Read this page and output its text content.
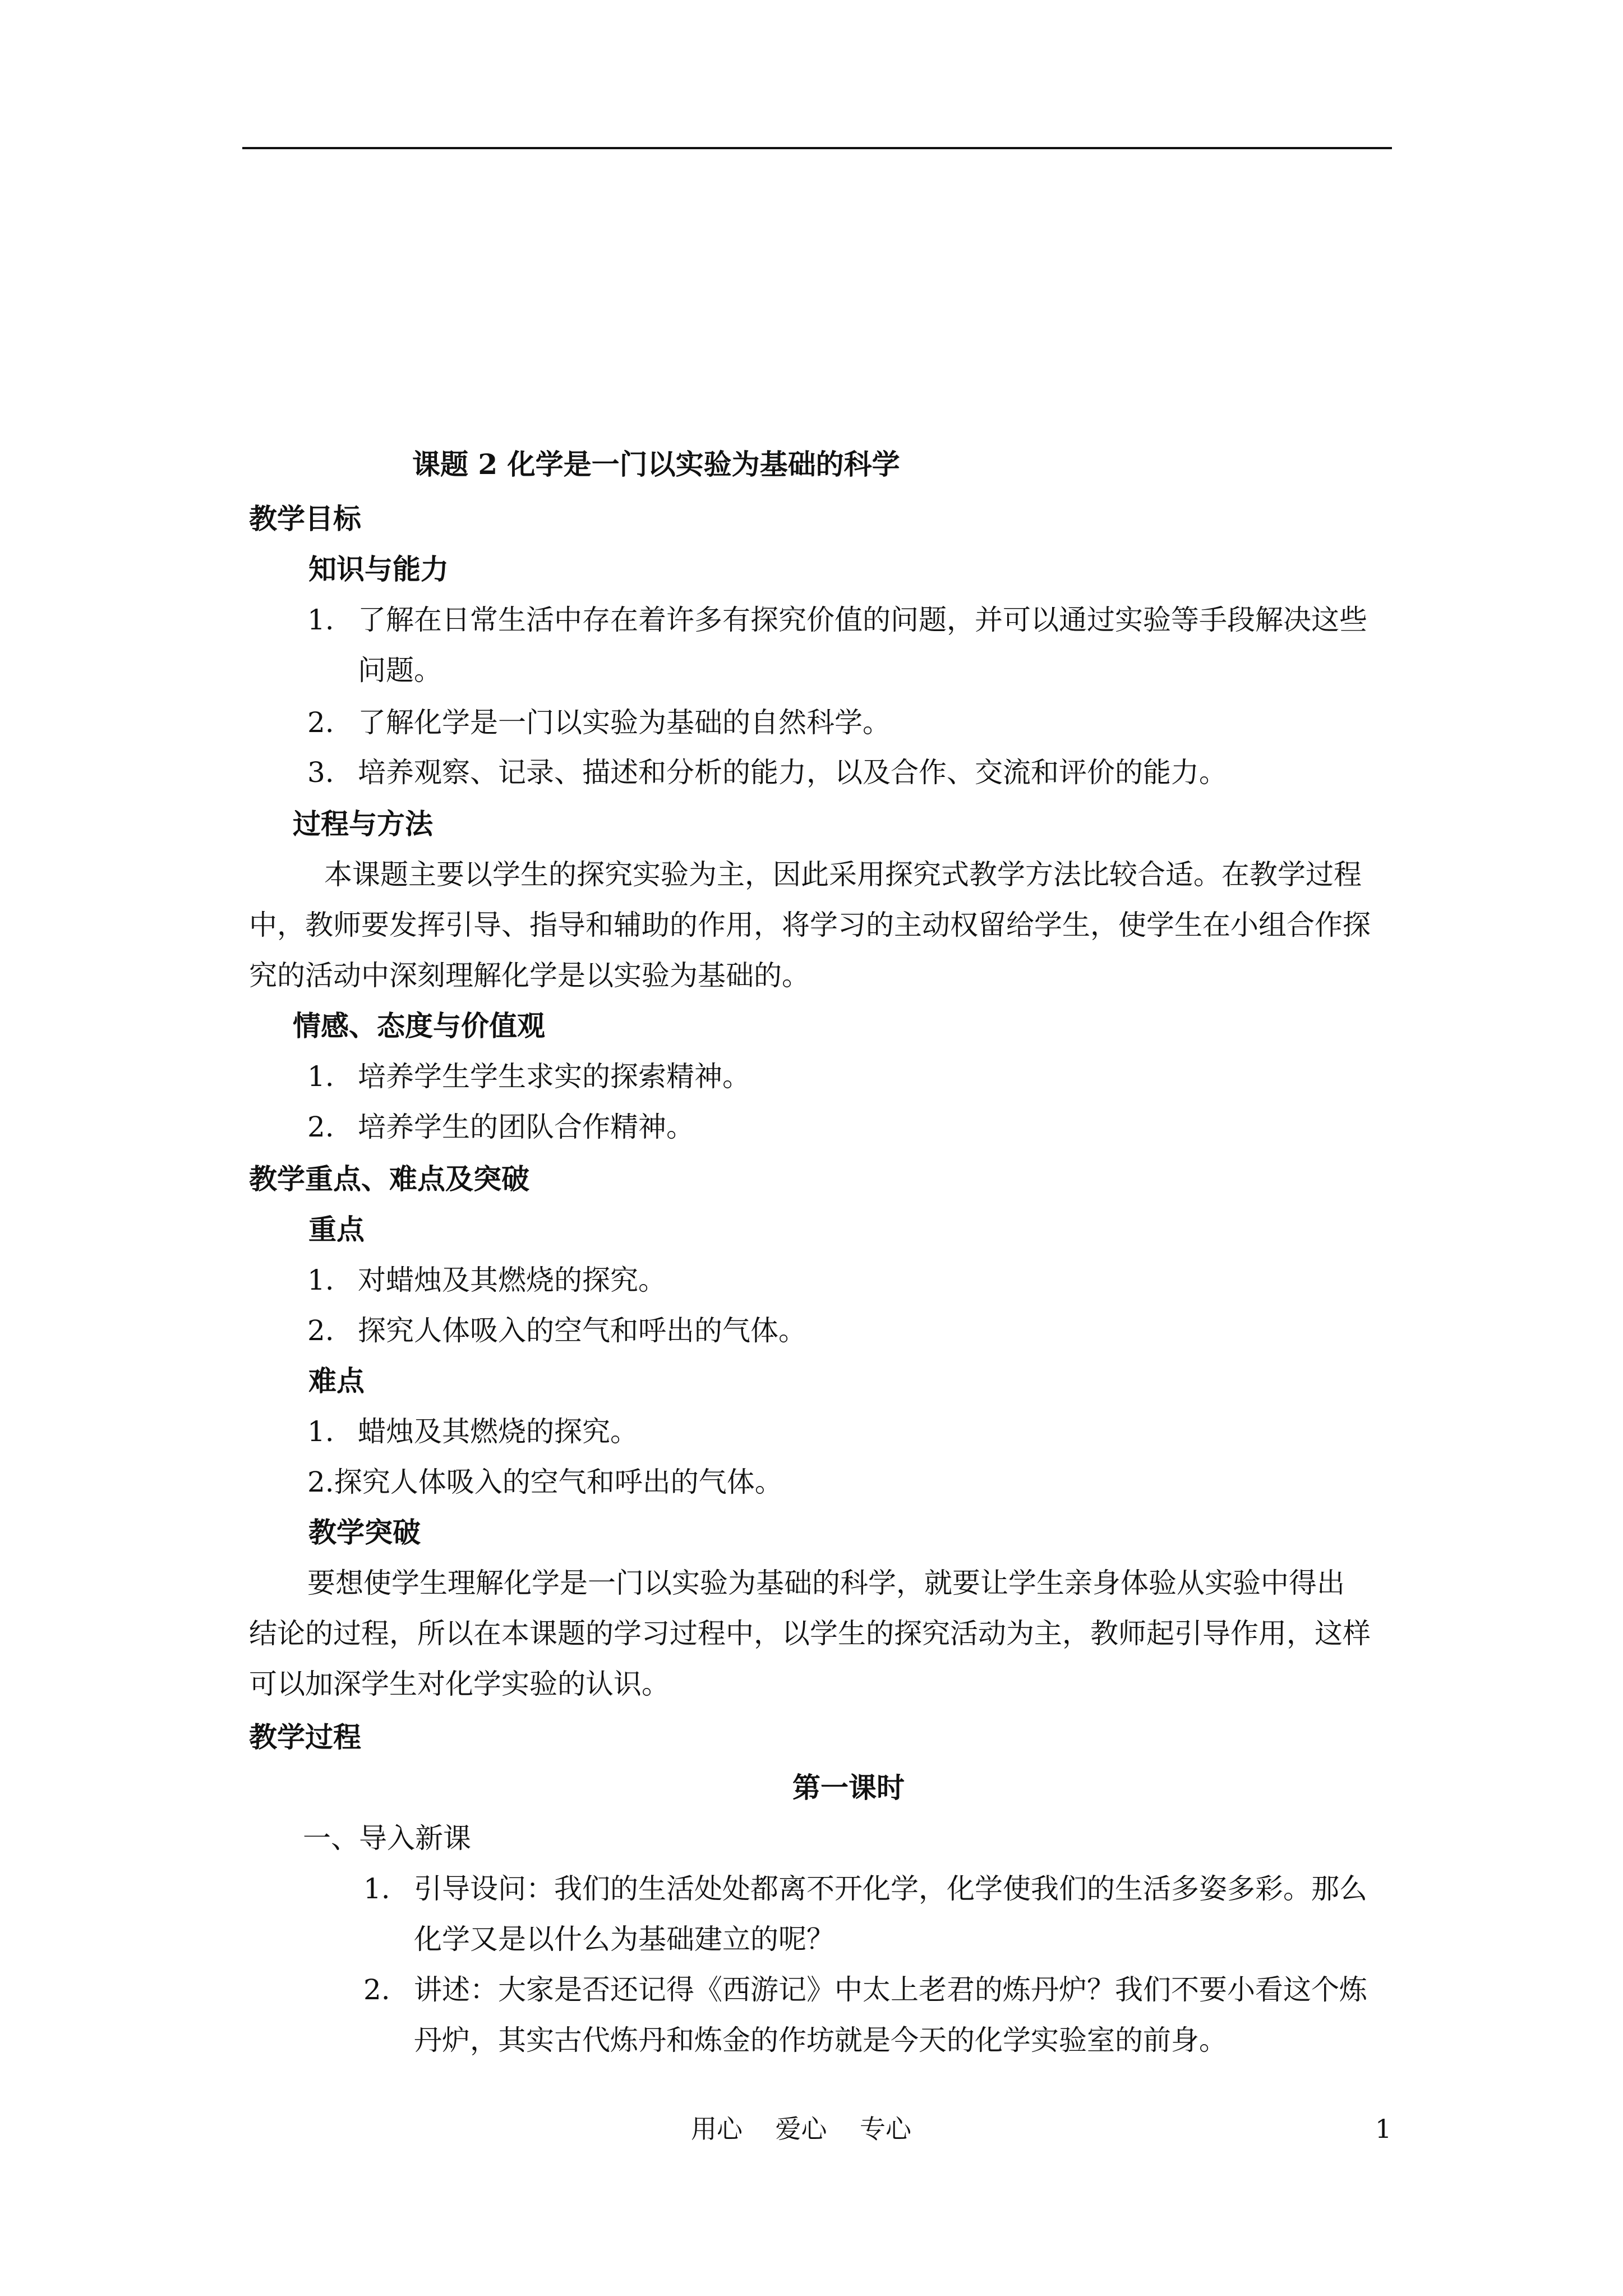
课题 2 化学是一门以实验为基础的科学
教学目标
知识与能力
1. 了解在日常生活中存在着许多有探究价值的问题，并可以通过实验等手段解决这些
问题。
2. 了解化学是一门以实验为基础的自然科学。
3. 培养观察、记录、描述和分析的能力，以及合作、交流和评价的能力。
过程与方法
本课题主要以学生的探究实验为主，因此采用探究式教学方法比较合适。在教学过程
中，教师要发挥引导、指导和辅助的作用，将学习的主动权留给学生，使学生在小组合作探
究的活动中深刻理解化学是以实验为基础的。
情感、态度与价值观
1. 培养学生学生求实的探索精神。
2. 培养学生的团队合作精神。
教学重点、难点及突破
重点
1. 对蜡烛及其燃烧的探究。
2. 探究人体吸入的空气和呼出的气体。
难点
1. 蜡烛及其燃烧的探究。
2.探究人体吸入的空气和呼出的气体。
教学突破
要想使学生理解化学是一门以实验为基础的科学，就要让学生亲身体验从实验中得出
结论的过程，所以在本课题的学习过程中，以学生的探究活动为主，教师起引导作用，这样
可以加深学生对化学实验的认识。
教学过程
第一课时
一、导入新课
1. 引导设问：我们的生活处处都离不开化学，化学使我们的生活多姿多彩。那么
化学又是以什么为基础建立的呢？
2. 讲述：大家是否还记得《西游记》中太上老君的炼丹炉？我们不要小看这个炼
丹炉，其实古代炼丹和炼金的作坊就是今天的化学实验室的前身。
用心    爱心    专心	1
